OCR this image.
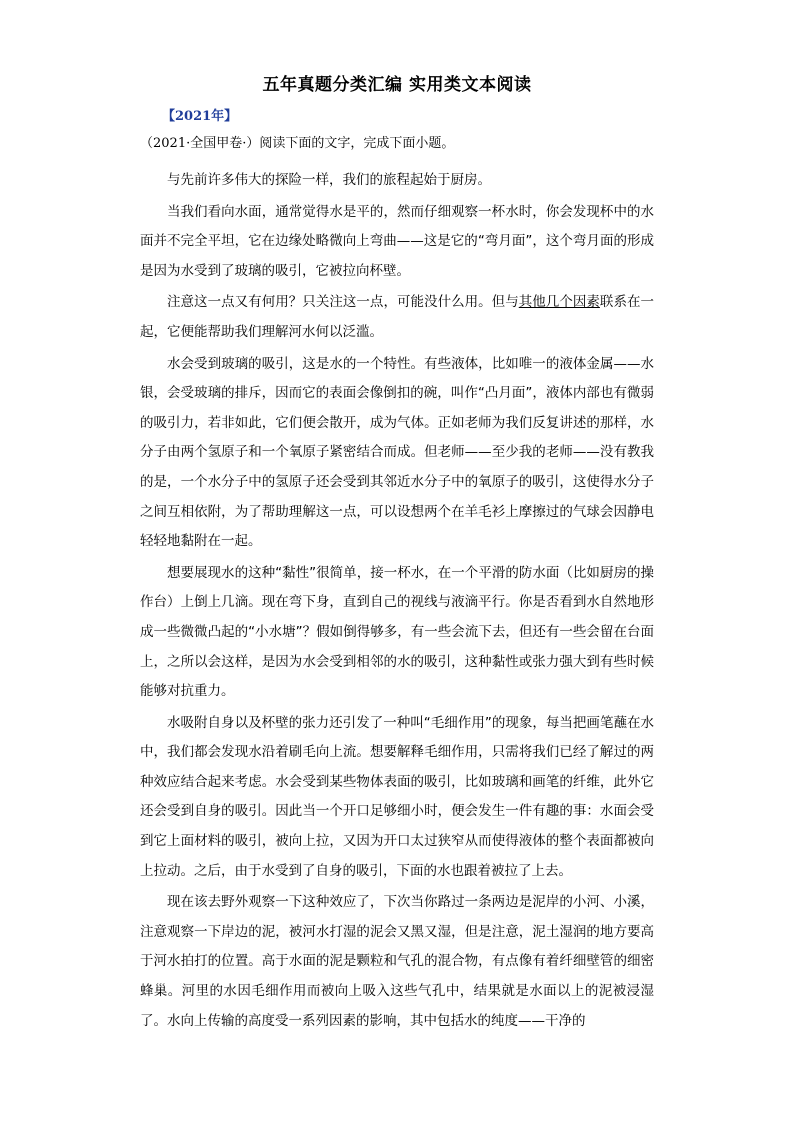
五年真题分类汇编 实用类文本阅读
【2021年】
（2021·全国甲卷·）阅读下面的文字，完成下面小题。
与先前许多伟大的探险一样，我们的旅程起始于厨房。
当我们看向水面，通常觉得水是平的，然而仔细观察一杯水时，你会发现杯中的水面并不完全平坦，它在边缘处略微向上弯曲——这是它的“弯月面”，这个弯月面的形成是因为水受到了玻璃的吸引，它被拉向杯壁。
注意这一点又有何用？只关注这一点，可能没什么用。但与其他几个因素联系在一起，它便能帮助我们理解河水何以泛滥。
水会受到玻璃的吸引，这是水的一个特性。有些液体，比如唯一的液体金属——水银，会受玻璃的排斥，因而它的表面会像倒扣的碗，叫作“凸月面”，液体内部也有微弱的吸引力，若非如此，它们便会散开，成为气体。正如老师为我们反复讲述的那样，水分子由两个氢原子和一个氧原子紧密结合而成。但老师——至少我的老师——没有教我的是，一个水分子中的氢原子还会受到其邻近水分子中的氧原子的吸引，这使得水分子之间互相依附，为了帮助理解这一点，可以设想两个在羊毛衫上摩擦过的气球会因静电轻轻地黏附在一起。
想要展现水的这种“黏性”很简单，接一杯水，在一个平滑的防水面（比如厨房的操作台）上倒上几滴。现在弯下身，直到自己的视线与液滴平行。你是否看到水自然地形成一些微微凸起的“小水塘”？假如倒得够多，有一些会流下去，但还有一些会留在台面上，之所以会这样，是因为水会受到相邻的水的吸引，这种黏性或张力强大到有些时候能够对抗重力。
水吸附自身以及杯壁的张力还引发了一种叫“毛细作用”的现象，每当把画笔蘸在水中，我们都会发现水沿着刷毛向上流。想要解释毛细作用，只需将我们已经了解过的两种效应结合起来考虑。水会受到某些物体表面的吸引，比如玻璃和画笔的纤维，此外它还会受到自身的吸引。因此当一个开口足够细小时，便会发生一件有趣的事：水面会受到它上面材料的吸引，被向上拉，又因为开口太过狭窄从而使得液体的整个表面都被向上拉动。之后，由于水受到了自身的吸引，下面的水也跟着被拉了上去。
现在该去野外观察一下这种效应了，下次当你路过一条两边是泥岸的小河、小溪，注意观察一下岸边的泥，被河水打湿的泥会又黑又湿，但是注意，泥土湿润的地方要高于河水拍打的位置。高于水面的泥是颗粒和气孔的混合物，有点像有着纤细壁管的细密蜂巢。河里的水因毛细作用而被向上吸入这些气孔中，结果就是水面以上的泥被浸湿了。水向上传输的高度受一系列因素的影响，其中包括水的纯度——干净的
